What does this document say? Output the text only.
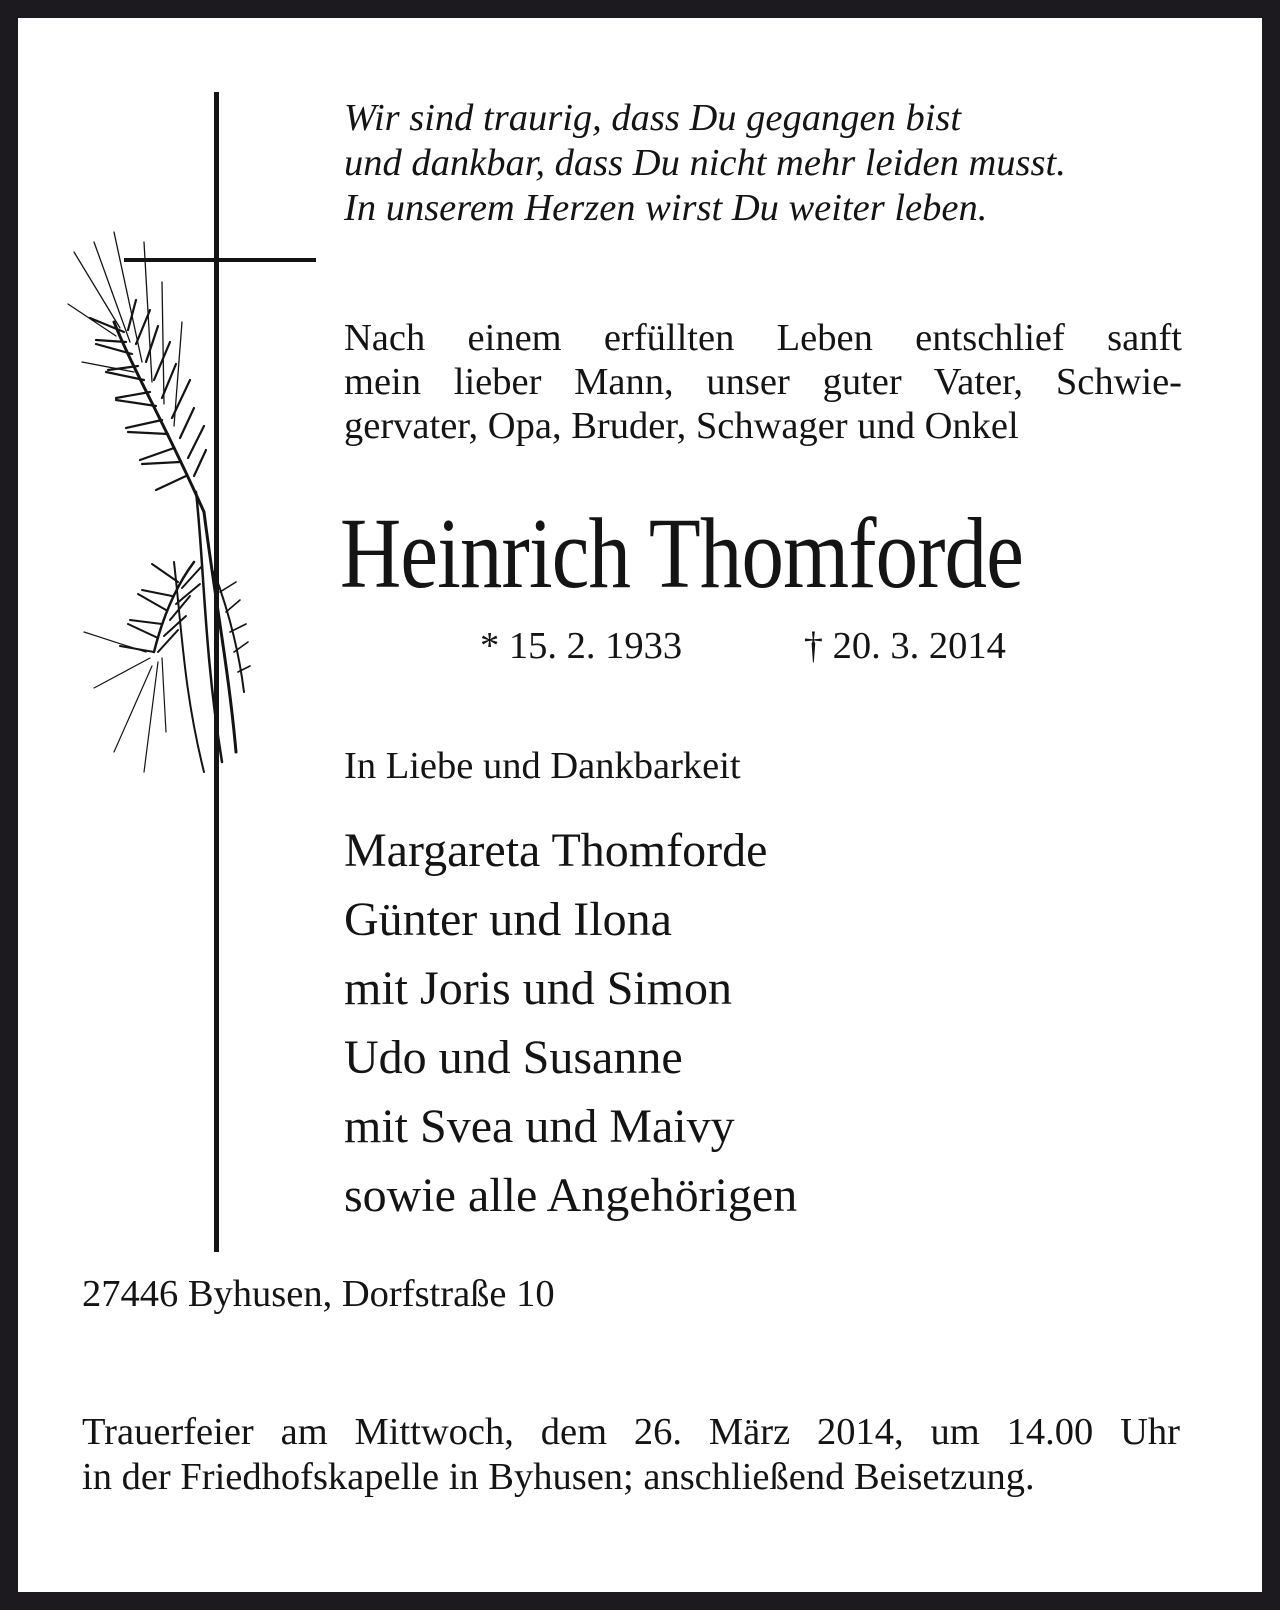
Wir sind traurig, dass Du gegangen bist
und dankbar, dass Du nicht mehr leiden musst.
In unserem Herzen wirst Du weiter leben.
Nach einem erfüllten Leben entschlief sanft
mein lieber Mann, unser guter Vater, Schwie-
gervater, Opa, Bruder, Schwager und Onkel
Heinrich Thomforde
* 15. 2. 1933	† 20. 3. 2014
In Liebe und Dankbarkeit
Margareta Thomforde
Günter und Ilona
mit Joris und Simon
Udo und Susanne
mit Svea und Maivy
sowie alle Angehörigen
27446 Byhusen, Dorfstraße 10
Trauerfeier am Mittwoch, dem 26. März 2014, um 14.00 Uhr
in der Friedhofskapelle in Byhusen; anschließend Beisetzung.
